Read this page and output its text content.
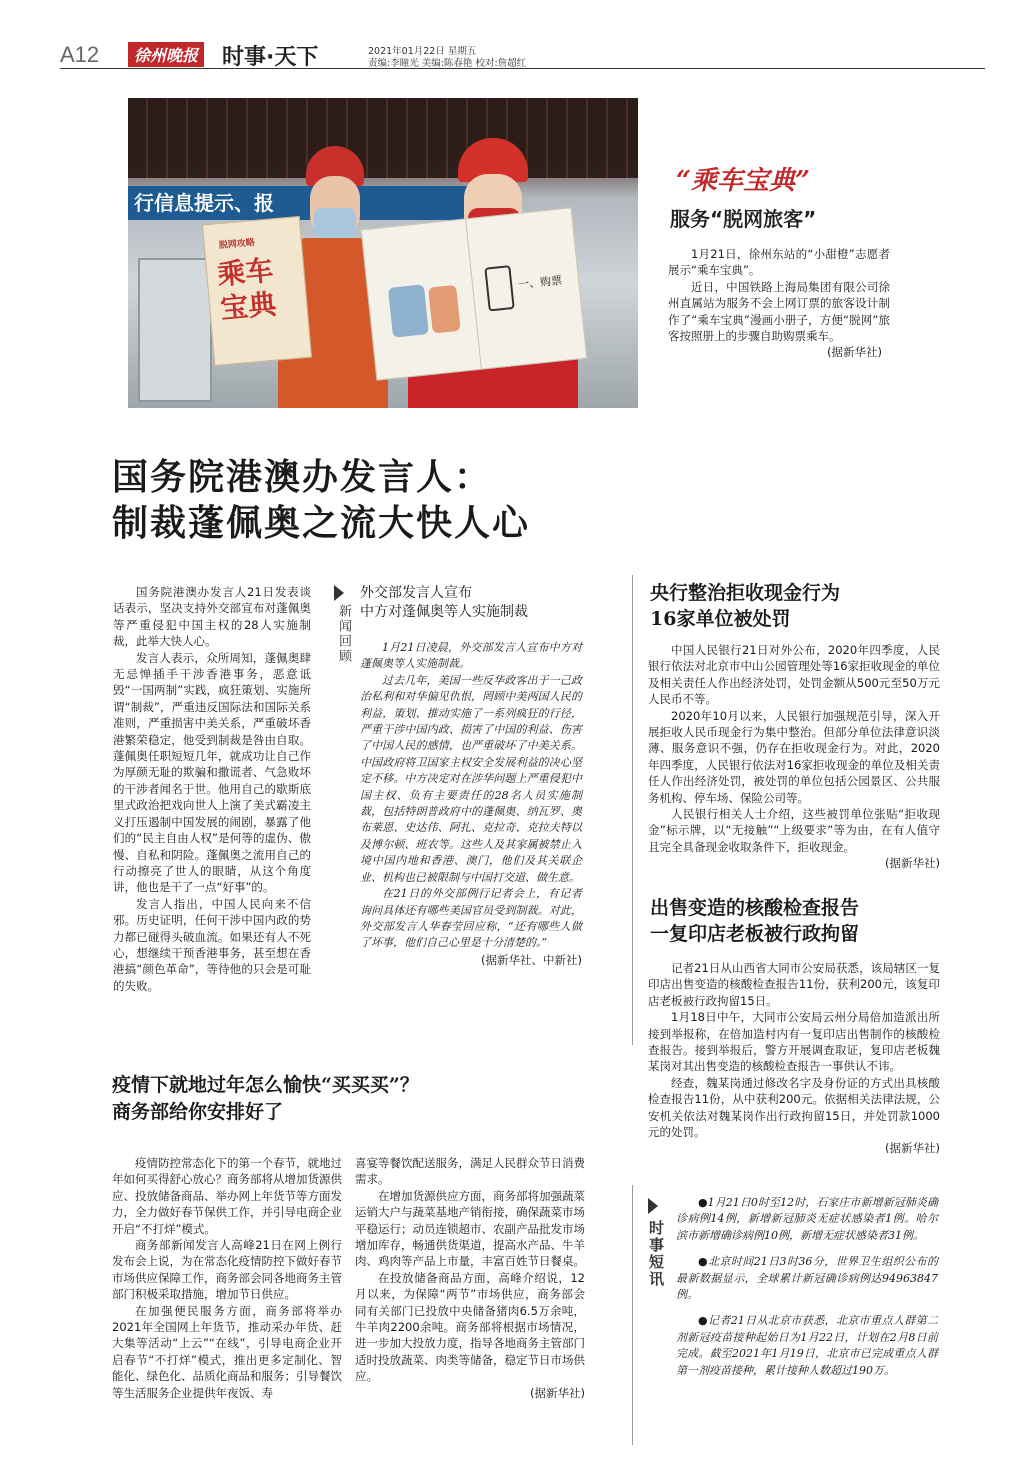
A12	徐州晚报 时事·天下	2021年01月22日 星期五
责编:李瞳光 美编:陈春艳 校对:詹超红
行信息提示、报
脱网攻略
乘车宝典
一、购票
“乘车宝典”
服务“脱网旅客”

1月21日，徐州东站的“小甜橙”志愿者展示“乘车宝典”。

近日，中国铁路上海局集团有限公司徐州直属站为服务不会上网订票的旅客设计制作了“乘车宝典”漫画小册子，方便“脱网”旅客按照册上的步骤自助购票乘车。

(据新华社)

国务院港澳办发言人：
制裁蓬佩奥之流大快人心

国务院港澳办发言人21日发表谈话表示，坚决支持外交部宣布对蓬佩奥等严重侵犯中国主权的28人实施制裁，此举大快人心。

发言人表示，众所周知，蓬佩奥肆无忌惮插手干涉香港事务，恶意诋毁“一国两制”实践，疯狂策划、实施所谓“制裁”，严重违反国际法和国际关系准则，严重损害中美关系，严重破坏香港繁荣稳定，他受到制裁是咎由自取。蓬佩奥任职短短几年，就成功让自己作为厚颜无耻的欺骗和撒谎者、气急败坏的干涉者闻名于世。他用自己的歇斯底里式政治把戏向世人上演了美式霸凌主义打压遏制中国发展的闹剧，暴露了他们的“民主自由人权”是何等的虚伪、傲慢、自私和阴险。蓬佩奥之流用自己的行动擦亮了世人的眼睛，从这个角度讲，他也是干了一点“好事”的。

发言人指出，中国人民向来不信邪。历史证明，任何干涉中国内政的势力都已碰得头破血流。如果还有人不死心，想继续干预香港事务，甚至想在香港搞“颜色革命”，等待他的只会是可耻的失败。

新闻回顾
外交部发言人宣布
中方对蓬佩奥等人实施制裁

1月21日凌晨，外交部发言人宣布中方对蓬佩奥等人实施制裁。

过去几年，美国一些反华政客出于一己政治私利和对华偏见仇恨，罔顾中美两国人民的利益，策划、推动实施了一系列疯狂的行径，严重干涉中国内政、损害了中国的利益、伤害了中国人民的感情，也严重破坏了中美关系。中国政府将卫国家主权安全发展利益的决心坚定不移。中方决定对在涉华问题上严重侵犯中国主权、负有主要责任的28名人员实施制裁，包括特朗普政府中的蓬佩奥、纳瓦罗、奥布莱恩、史达伟、阿扎、克拉奇、克拉夫特以及博尔顿、班农等。这些人及其家属被禁止入境中国内地和香港、澳门，他们及其关联企业、机构也已被限制与中国打交道、做生意。

在21日的外交部例行记者会上，有记者询问具体还有哪些美国官员受到制裁。对此，外交部发言人华春莹回应称，“还有哪些人做了坏事，他们自己心里是十分清楚的。”

(据新华社、中新社)

央行整治拒收现金行为
16家单位被处罚

中国人民银行21日对外公布，2020年四季度，人民银行依法对北京市中山公园管理处等16家拒收现金的单位及相关责任人作出经济处罚，处罚金额从500元至50万元人民币不等。

2020年10月以来，人民银行加强规范引导，深入开展拒收人民币现金行为集中整治。但部分单位法律意识淡薄、服务意识不强，仍存在拒收现金行为。对此，2020年四季度，人民银行依法对16家拒收现金的单位及相关责任人作出经济处罚，被处罚的单位包括公园景区、公共服务机构、停车场、保险公司等。

人民银行相关人士介绍，这些被罚单位张贴“拒收现金”标示牌，以“无接触”“上级要求”等为由，在有人值守且完全具备现金收取条件下，拒收现金。

(据新华社)

出售变造的核酸检查报告
一复印店老板被行政拘留

记者21日从山西省大同市公安局获悉，该局辖区一复印店出售变造的核酸检查报告11份，获利200元，该复印店老板被行政拘留15日。

1月18日中午，大同市公安局云州分局倍加造派出所接到举报称，在倍加造村内有一复印店出售制作的核酸检查报告。接到举报后，警方开展调查取证，复印店老板魏某岗对其出售变造的核酸检查报告一事供认不讳。

经查，魏某岗通过修改名字及身份证的方式出具核酸检查报告11份，从中获利200元。依据相关法律法规，公安机关依法对魏某岗作出行政拘留15日，并处罚款1000元的处罚。

(据新华社)

疫情下就地过年怎么愉快“买买买”？
商务部给你安排好了

疫情防控常态化下的第一个春节，就地过年如何买得舒心放心？商务部将从增加货源供应、投放储备商品、举办网上年货节等方面发力，全力做好春节保供工作，并引导电商企业开启“不打烊”模式。

商务部新闻发言人高峰21日在网上例行发布会上说，为在常态化疫情防控下做好春节市场供应保障工作，商务部会同各地商务主管部门积极采取措施，增加节日供应。

在加强便民服务方面，商务部将举办2021年全国网上年货节，推动采办年货、赶大集等活动“上云”“在线”，引导电商企业开启春节“不打烊”模式，推出更多定制化、智能化、绿色化、品质化商品和服务；引导餐饮等生活服务企业提供年夜饭、寿

喜宴等餐饮配送服务，满足人民群众节日消费需求。

在增加货源供应方面，商务部将加强蔬菜运销大户与蔬菜基地产销衔接，确保蔬菜市场平稳运行；动员连锁超市、农副产品批发市场增加库存，畅通供货渠道，提高水产品、牛羊肉、鸡肉等产品上市量，丰富百姓节日餐桌。

在投放储备商品方面，高峰介绍说，12月以来，为保障“两节”市场供应，商务部会同有关部门已投放中央储备猪肉6.5万余吨，牛羊肉2200余吨。商务部将根据市场情况，进一步加大投放力度，指导各地商务主管部门适时投放蔬菜、肉类等储备，稳定节日市场供应。

(据新华社)

时事短讯

●1月21日0时至12时，石家庄市新增新冠肺炎确诊病例14例，新增新冠肺炎无症状感染者1例。哈尔滨市新增确诊病例10例，新增无症状感染者31例。

●北京时间21日3时36分，世界卫生组织公布的最新数据显示，全球累计新冠确诊病例达94963847例。

●记者21日从北京市获悉，北京市重点人群第二剂新冠疫苗接种起始日为1月22日，计划在2月8日前完成。截至2021年1月19日，北京市已完成重点人群第一剂疫苗接种，累计接种人数超过190万。
